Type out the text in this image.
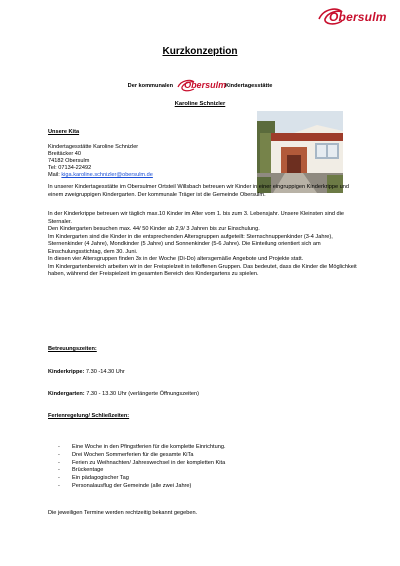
Obersulm
Kurzkonzeption
Der kommunalen Obersulm
Kindertagesstätte
Karoline Schnizler
Unsere Kita
Kindertagesstätte Karoline Schnizler
Breitäcker 40
74182 Obersulm
Tel: 07134-22492
Mail: kiga.karoline.schnizler@obersulm.de
In unserer Kindertagesstätte im Obersulmer Ortsteil Willsbach betreuen wir Kinder in einer eingruppigen Kinderkrippe und einem zweigruppigen Kindergarten. Der kommunale Träger ist die Gemeinde Obersulm.
In der Kinderkrippe betreuen wir täglich max.10 Kinder im Alter vom 1. bis zum 3. Lebensjahr. Unsere Kleinsten sind die Sternaler.
Den Kindergarten besuchen max. 44/ 50 Kinder ab 2,9/ 3 Jahren bis zur Einschulung.
Im Kindergarten sind die Kinder in die entsprechenden Altersgruppen aufgeteilt: Sternschnuppenkinder (3-4 Jahre), Sternenkinder (4 Jahre), Mondkinder (5 Jahre) und Sonnenkinder (5-6 Jahre). Die Einteilung orientiert sich am Einschulungsstichtag, dem 30. Juni.
In diesen vier Altersgruppen finden 3x in der Woche (Di-Do) altersgemäße Angebote und Projekte statt.
Im Kindergartenbereich arbeiten wir in der Freispielzeit in teiloffenen Gruppen. Das bedeutet, dass die Kinder die Möglichkeit haben, während der Freispielzeit im gesamten Bereich des Kindergartens zu spielen.
Betreuungszeiten:
Kinderkrippe: 7.30 -14.30 Uhr
Kindergarten: 7.30 - 13.30 Uhr (verlängerte Öffnungszeiten)
Ferienregelung/ Schließzeiten:
- Eine Woche in den Pfingstferien für die komplette Einrichtung.
- Drei Wochen Sommerferien für die gesamte KiTa
- Ferien zu Weihnachten/ Jahreswechsel in der kompletten Kita
- Brückentage
- Ein pädagogischer Tag
- Personalausflug der Gemeinde (alle zwei Jahre)
Die jeweiligen Termine werden rechtzeitig bekannt gegeben.
